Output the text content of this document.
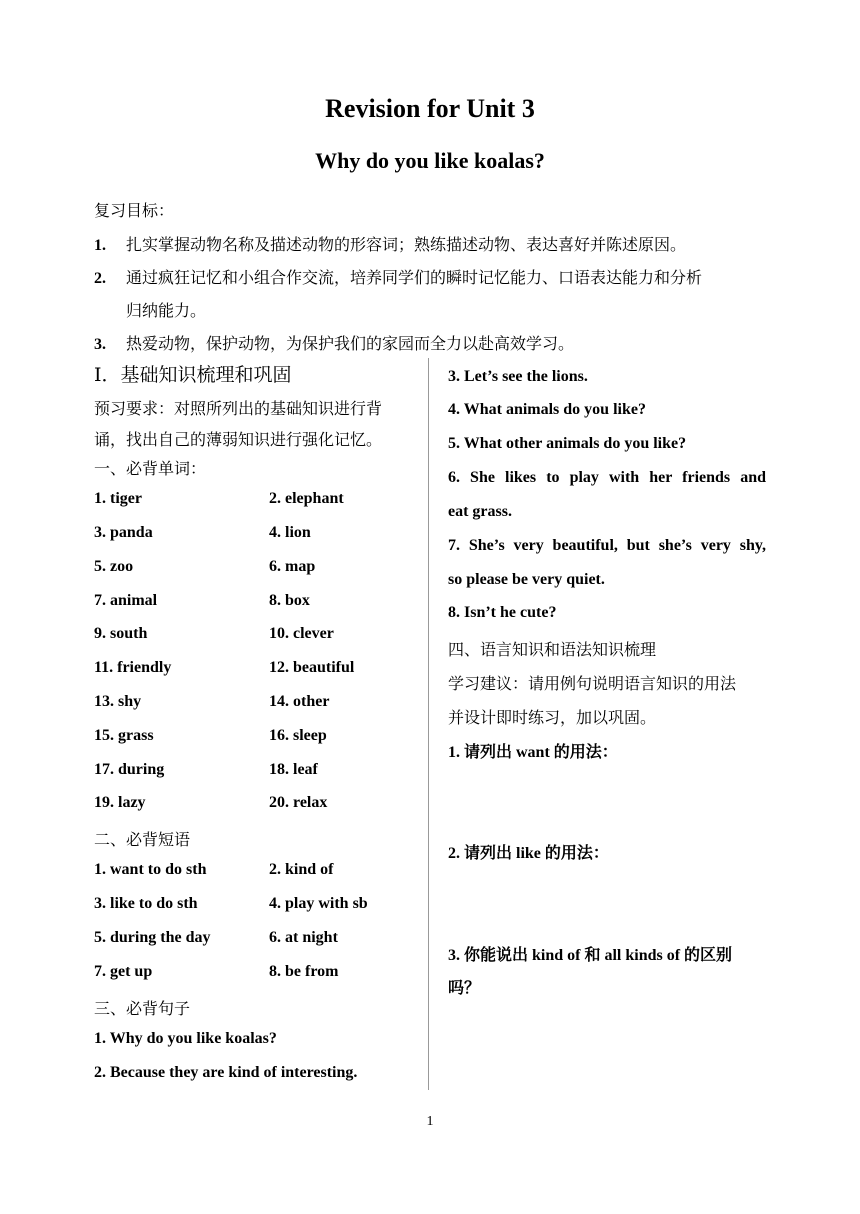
Revision for Unit 3
Why do you like koalas?
复习目标：
1. 扎实掌握动物名称及描述动物的形容词；熟练描述动物、表达喜好并陈述原因。
2. 通过疯狂记忆和小组合作交流，培养同学们的瞬时记忆能力、口语表达能力和分析
归纳能力。
3. 热爱动物，保护动物，为保护我们的家园而全力以赴高效学习。
Ⅰ．基础知识梳理和巩固
预习要求：对照所列出的基础知识进行背
诵，找出自己的薄弱知识进行强化记忆。
一、必背单词：
1. tiger	2. elephant
3. panda	4. lion
5. zoo	6. map
7. animal	8. box
9. south	10. clever
11. friendly	12. beautiful
13. shy	14. other
15. grass	16. sleep
17. during	18. leaf
19. lazy	20. relax
二、必背短语
1. want to do sth	2. kind of
3. like to do sth	4. play with sb
5. during the day	6. at night
7. get up	8. be from
三、必背句子
1. Why do you like koalas?
2. Because they are kind of interesting.
3. Let’s see the lions.
4. What animals do you like?
5. What other animals do you like?
6. She likes to play with her friends and
eat grass.
7. She’s very beautiful, but she’s very shy,
so please be very quiet.
8. Isn’t he cute?
四、语言知识和语法知识梳理
学习建议：请用例句说明语言知识的用法
并设计即时练习，加以巩固。
1. 请列出 want 的用法：
2. 请列出 like 的用法：
3. 你能说出 kind of 和 all kinds of 的区别
吗？
1
